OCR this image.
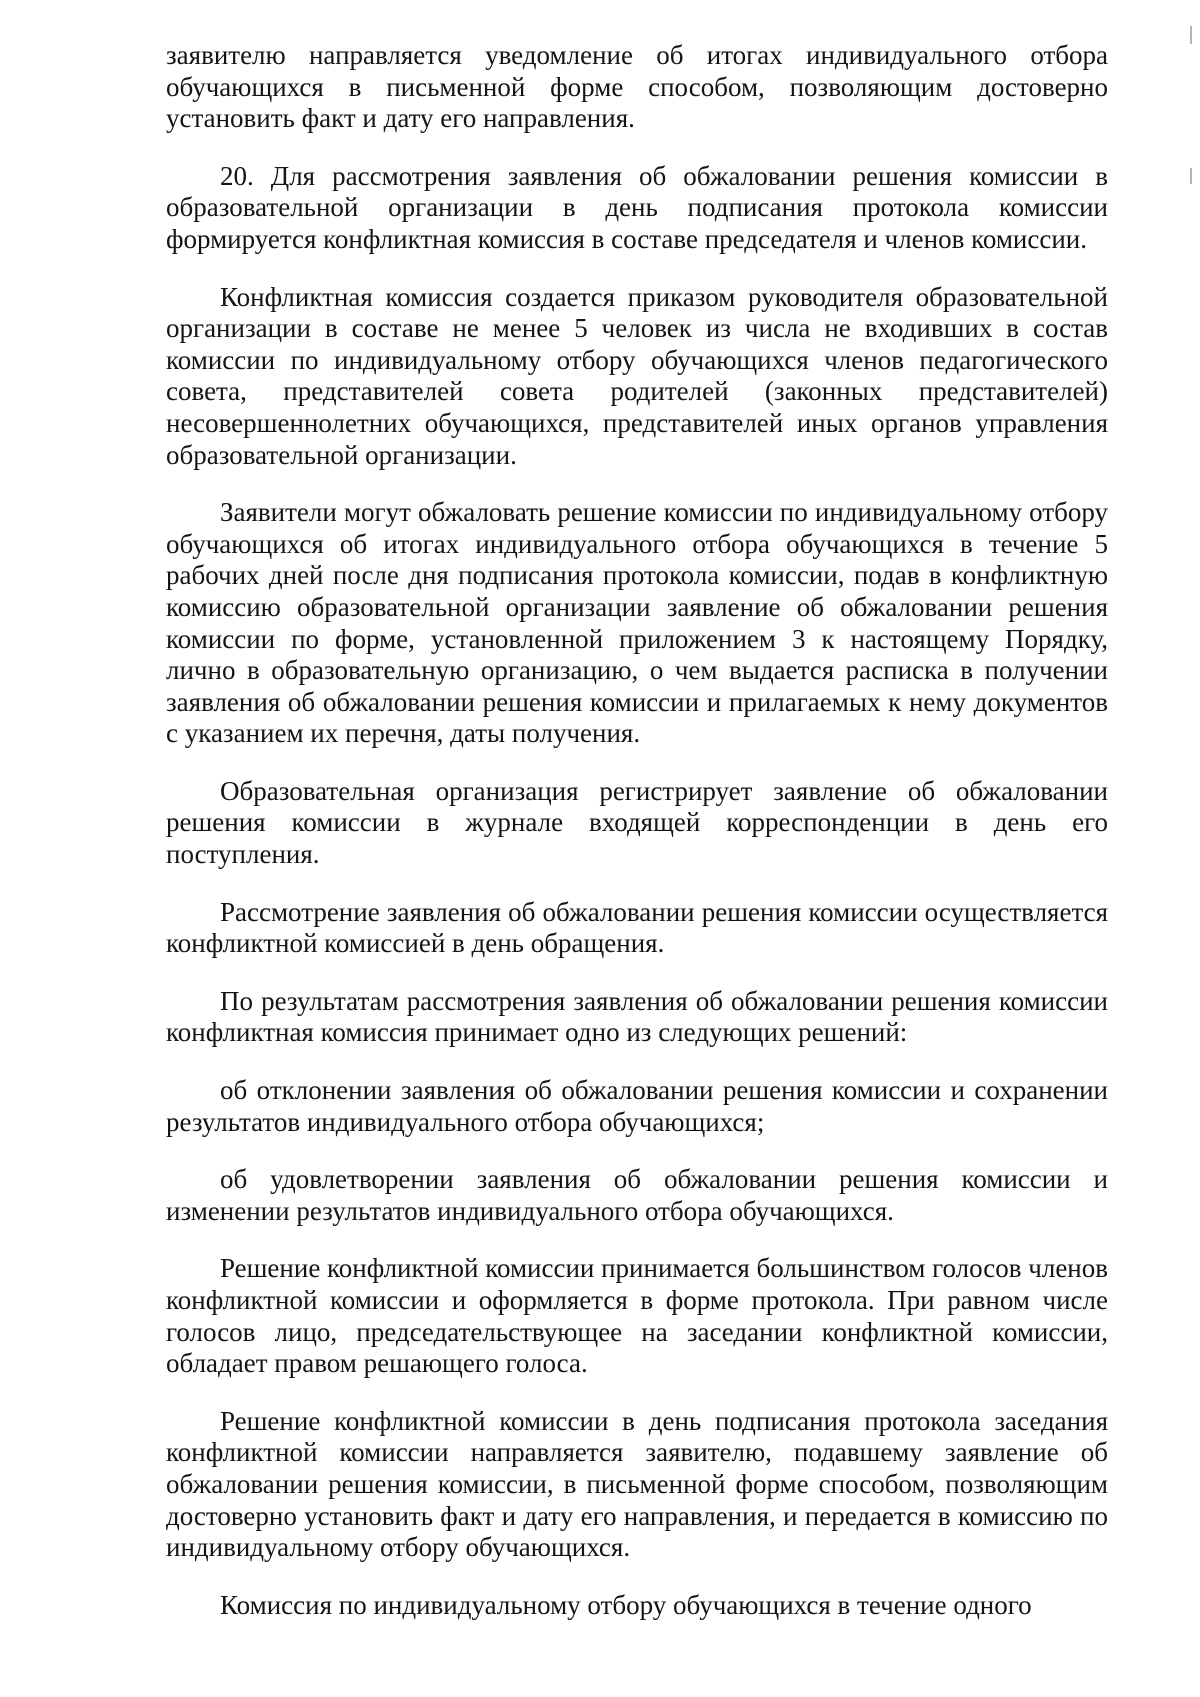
заявителю направляется уведомление об итогах индивидуального отбора обучающихся в письменной форме способом, позволяющим достоверно установить факт и дату его направления.

20. Для рассмотрения заявления об обжаловании решения комиссии в образовательной организации в день подписания протокола комиссии формируется конфликтная комиссия в составе председателя и членов комиссии.

Конфликтная комиссия создается приказом руководителя образовательной организации в составе не менее 5 человек из числа не входивших в состав комиссии по индивидуальному отбору обучающихся членов педагогического совета, представителей совета родителей (законных представителей) несовершеннолетних обучающихся, представителей иных органов управления образовательной организации.

Заявители могут обжаловать решение комиссии по индивидуальному отбору обучающихся об итогах индивидуального отбора обучающихся в течение 5 рабочих дней после дня подписания протокола комиссии, подав в конфликтную комиссию образовательной организации заявление об обжаловании решения комиссии по форме, установленной приложением 3 к настоящему Порядку, лично в образовательную организацию, о чем выдается расписка в получении заявления об обжаловании решения комиссии и прилагаемых к нему документов с указанием их перечня, даты получения.

Образовательная организация регистрирует заявление об обжаловании решения комиссии в журнале входящей корреспонденции в день его поступления.

Рассмотрение заявления об обжаловании решения комиссии осуществляется конфликтной комиссией в день обращения.

По результатам рассмотрения заявления об обжаловании решения комиссии конфликтная комиссия принимает одно из следующих решений:

об отклонении заявления об обжаловании решения комиссии и сохранении результатов индивидуального отбора обучающихся;

об удовлетворении заявления об обжаловании решения комиссии и изменении результатов индивидуального отбора обучающихся.

Решение конфликтной комиссии принимается большинством голосов членов конфликтной комиссии и оформляется в форме протокола. При равном числе голосов лицо, председательствующее на заседании конфликтной комиссии, обладает правом решающего голоса.

Решение конфликтной комиссии в день подписания протокола заседания конфликтной комиссии направляется заявителю, подавшему заявление об обжаловании решения комиссии, в письменной форме способом, позволяющим достоверно установить факт и дату его направления, и передается в комиссию по индивидуальному отбору обучающихся.

Комиссия по индивидуальному отбору обучающихся в течение одного
